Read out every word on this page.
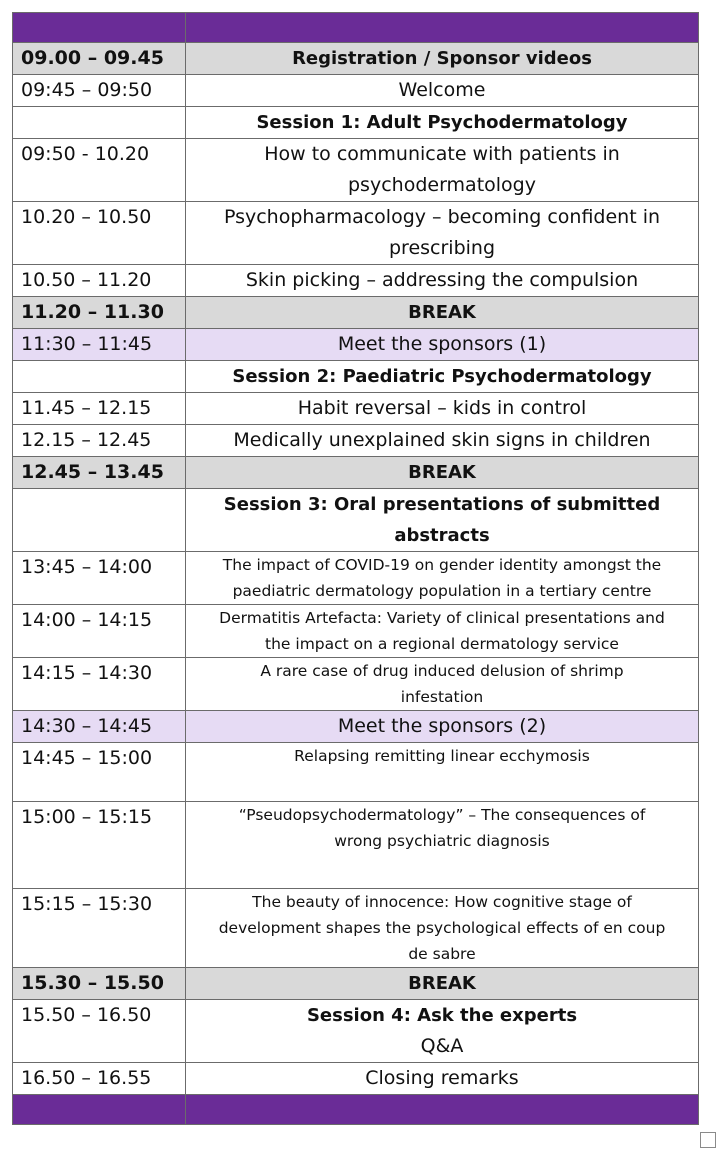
09.00 – 09.45	Registration / Sponsor videos

09:45 – 09:50	Welcome

	Session 1: Adult Psychodermatology

09:50 - 10.20	How to communicate with patients in
psychodermatology

10.20 – 10.50	Psychopharmacology – becoming confident in
prescribing

10.50 – 11.20	Skin picking – addressing the compulsion

11.20 – 11.30	BREAK

11:30 – 11:45	Meet the sponsors (1)

	Session 2: Paediatric Psychodermatology

11.45 – 12.15	Habit reversal – kids in control

12.15 – 12.45	Medically unexplained skin signs in children

12.45 – 13.45	BREAK

	Session 3: Oral presentations of submitted
abstracts

13:45 – 14:00	The impact of COVID-19 on gender identity amongst the
paediatric dermatology population in a tertiary centre

14:00 – 14:15	Dermatitis Artefacta: Variety of clinical presentations and
the impact on a regional dermatology service

14:15 – 14:30	A rare case of drug induced delusion of shrimp
infestation

14:30 – 14:45	Meet the sponsors (2)

14:45 – 15:00	Relapsing remitting linear ecchymosis

15:00 – 15:15	“Pseudopsychodermatology” – The consequences of
wrong psychiatric diagnosis

15:15 – 15:30	The beauty of innocence: How cognitive stage of
development shapes the psychological effects of en coup
de sabre

15.30 – 15.50	BREAK

15.50 – 16.50	Session 4: Ask the experts
Q&A

16.50 – 16.55	Closing remarks
